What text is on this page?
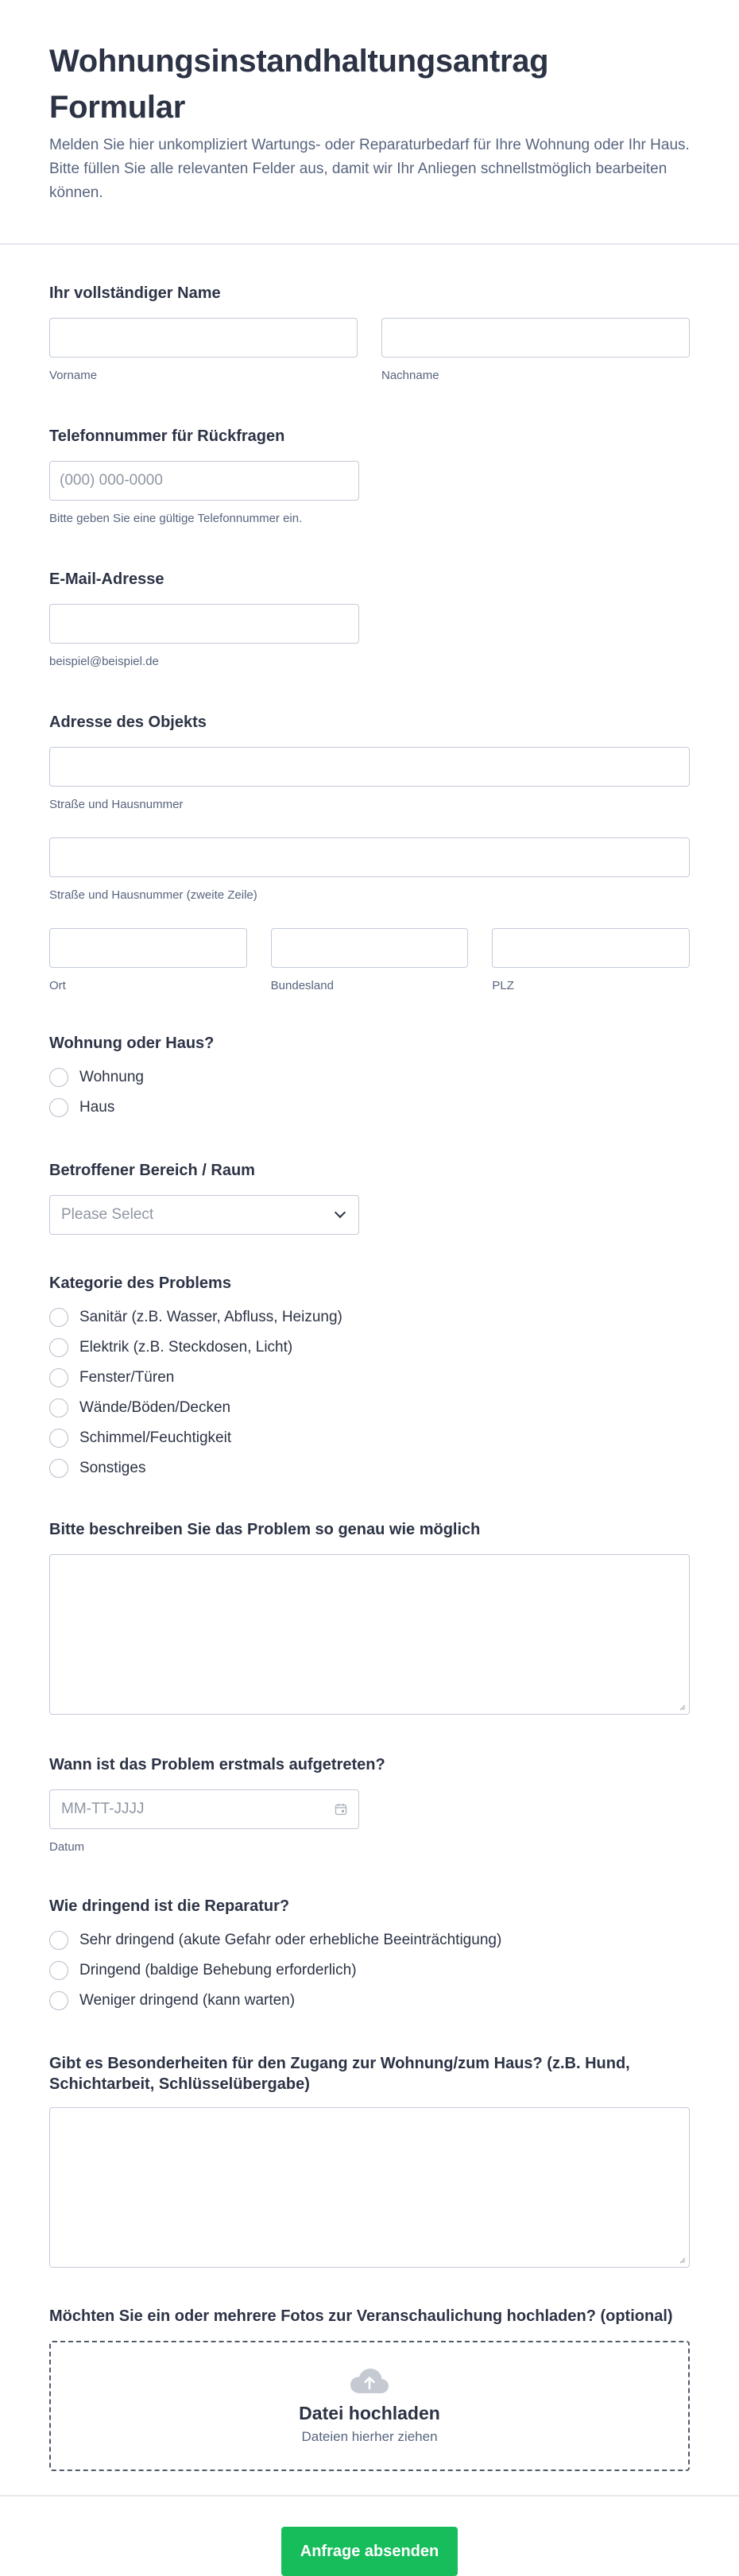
Wohnungsinstandhaltungsantrag Formular

Melden Sie hier unkompliziert Wartungs- oder Reparaturbedarf für Ihre Wohnung oder Ihr Haus. Bitte füllen Sie alle relevanten Felder aus, damit wir Ihr Anliegen schnellstmöglich bearbeiten können.

Ihr vollständiger Name
Vorname	Nachname
Telefonnummer für Rückfragen
(000) 000-0000
Bitte geben Sie eine gültige Telefonnummer ein.
E-Mail-Adresse
beispiel@beispiel.de
Adresse des Objekts
Straße und Hausnummer
Straße und Hausnummer (zweite Zeile)
Ort	Bundesland	PLZ
Wohnung oder Haus?
Wohnung
Haus
Betroffener Bereich / Raum
Please Select
Kategorie des Problems
Sanitär (z.B. Wasser, Abfluss, Heizung)
Elektrik (z.B. Steckdosen, Licht)
Fenster/Türen
Wände/Böden/Decken
Schimmel/Feuchtigkeit
Sonstiges
Bitte beschreiben Sie das Problem so genau wie möglich
Wann ist das Problem erstmals aufgetreten?
MM-TT-JJJJ
Datum
Wie dringend ist die Reparatur?
Sehr dringend (akute Gefahr oder erhebliche Beeinträchtigung)
Dringend (baldige Behebung erforderlich)
Weniger dringend (kann warten)
Gibt es Besonderheiten für den Zugang zur Wohnung/zum Haus? (z.B. Hund, Schichtarbeit, Schlüsselübergabe)
Möchten Sie ein oder mehrere Fotos zur Veranschaulichung hochladen? (optional)
Datei hochladen
Dateien hierher ziehen
Anfrage absenden
